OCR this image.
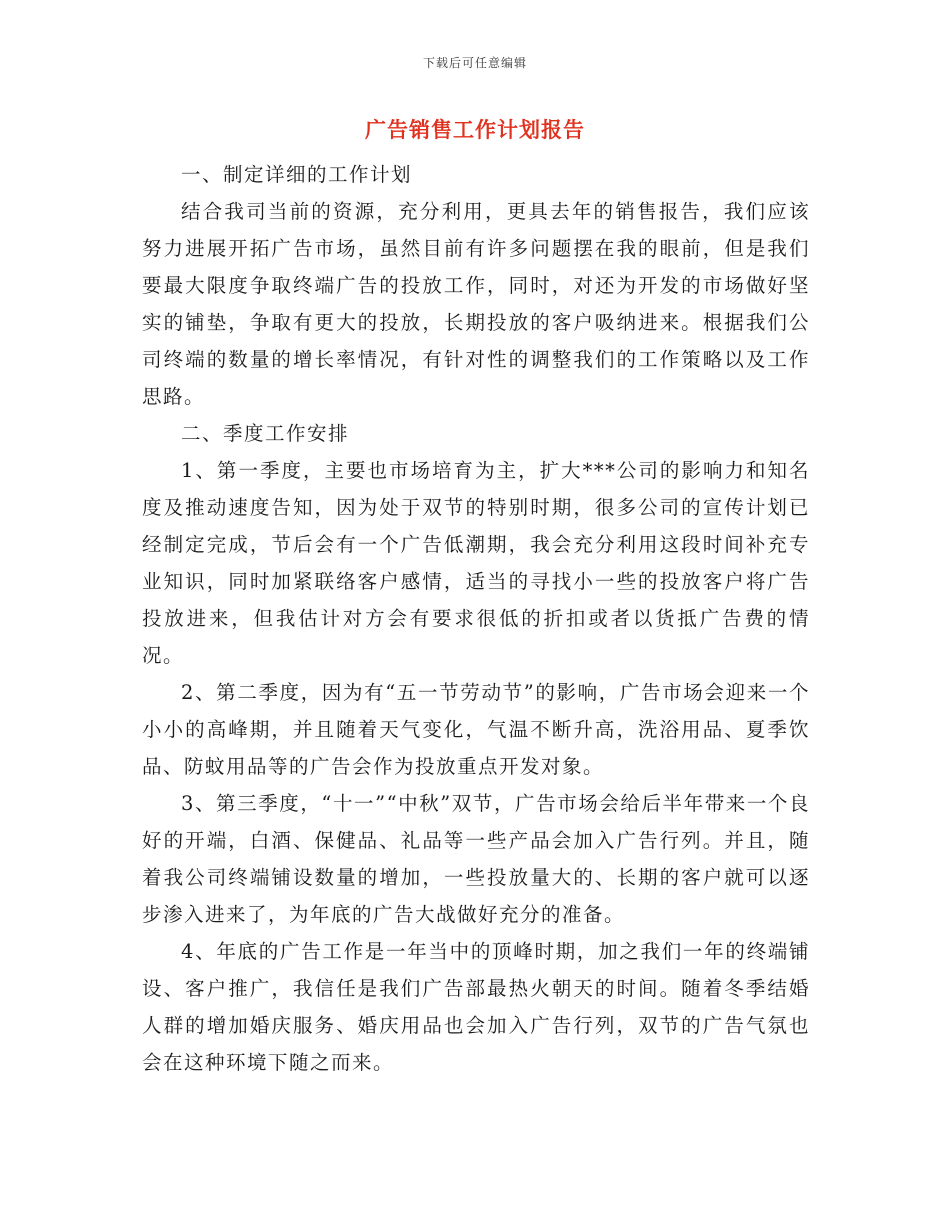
下载后可任意编辑
广告销售工作计划报告

一、制定详细的工作计划

结合我司当前的资源，充分利用，更具去年的销售报告，我们应该努力进展开拓广告市场，虽然目前有许多问题摆在我的眼前，但是我们要最大限度争取终端广告的投放工作，同时，对还为开发的市场做好坚实的铺垫，争取有更大的投放，长期投放的客户吸纳进来。根据我们公司终端的数量的增长率情况，有针对性的调整我们的工作策略以及工作思路。

二、季度工作安排

1、第一季度，主要也市场培育为主，扩大***公司的影响力和知名度及推动速度告知，因为处于双节的特别时期，很多公司的宣传计划已经制定完成，节后会有一个广告低潮期，我会充分利用这段时间补充专业知识，同时加紧联络客户感情，适当的寻找小一些的投放客户将广告投放进来，但我估计对方会有要求很低的折扣或者以货抵广告费的情况。

2、第二季度，因为有“五一节劳动节”的影响，广告市场会迎来一个小小的高峰期，并且随着天气变化，气温不断升高，洗浴用品、夏季饮品、防蚊用品等的广告会作为投放重点开发对象。

3、第三季度，“十一”“中秋”双节，广告市场会给后半年带来一个良好的开端，白酒、保健品、礼品等一些产品会加入广告行列。并且，随着我公司终端铺设数量的增加，一些投放量大的、长期的客户就可以逐步渗入进来了，为年底的广告大战做好充分的准备。

4、年底的广告工作是一年当中的顶峰时期，加之我们一年的终端铺设、客户推广，我信任是我们广告部最热火朝天的时间。随着冬季结婚人群的增加婚庆服务、婚庆用品也会加入广告行列，双节的广告气氛也会在这种环境下随之而来。
